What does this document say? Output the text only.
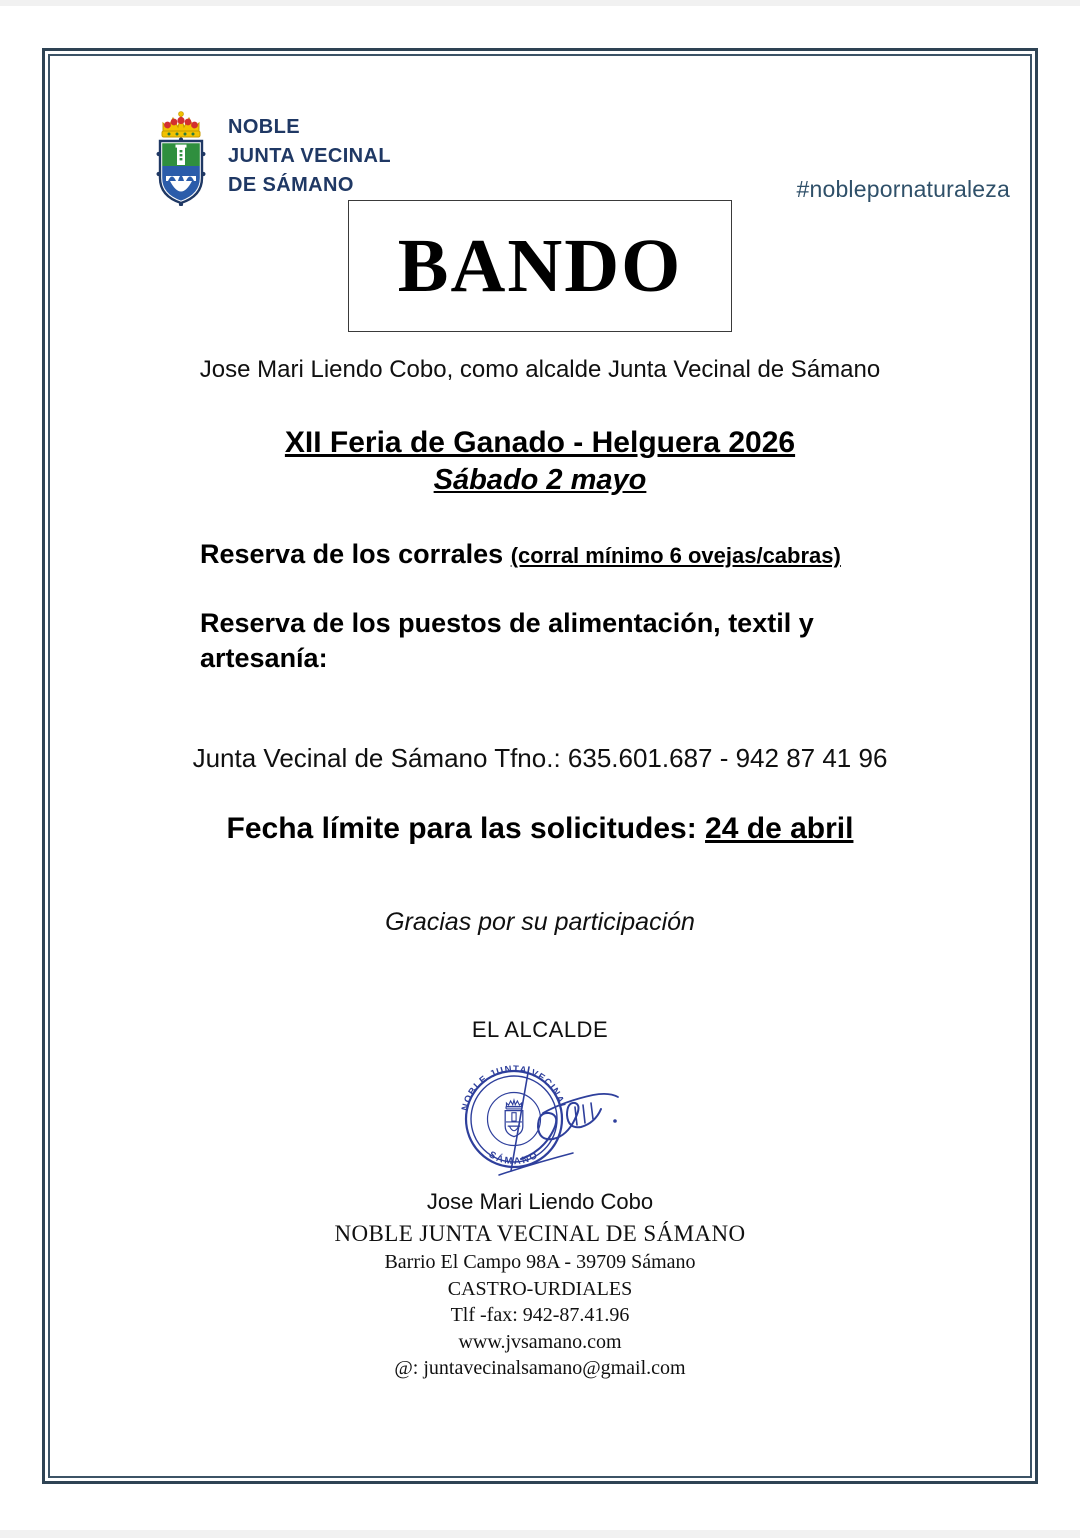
NOBLE
JUNTA VECINAL
DE SÁMANO	#noblepornaturaleza
BANDO
Jose Mari Liendo Cobo, como alcalde Junta Vecinal de Sámano
XII Feria de Ganado - Helguera 2026
Sábado 2 mayo
Reserva de los corrales (corral mínimo 6 ovejas/cabras)
Reserva de los puestos de alimentación, textil y artesanía:
Junta Vecinal de Sámano Tfno.: 635.601.687 - 942 87 41 96
Fecha límite para las solicitudes: 24 de abril
Gracias por su participación
EL ALCALDE
NOBLE JUNTA VECINAL
SÁMANO
Jose Mari Liendo Cobo
NOBLE JUNTA VECINAL DE SÁMANO
Barrio El Campo 98A - 39709 Sámano
CASTRO-URDIALES
Tlf -fax: 942-87.41.96
www.jvsamano.com
@: juntavecinalsamano@gmail.com
